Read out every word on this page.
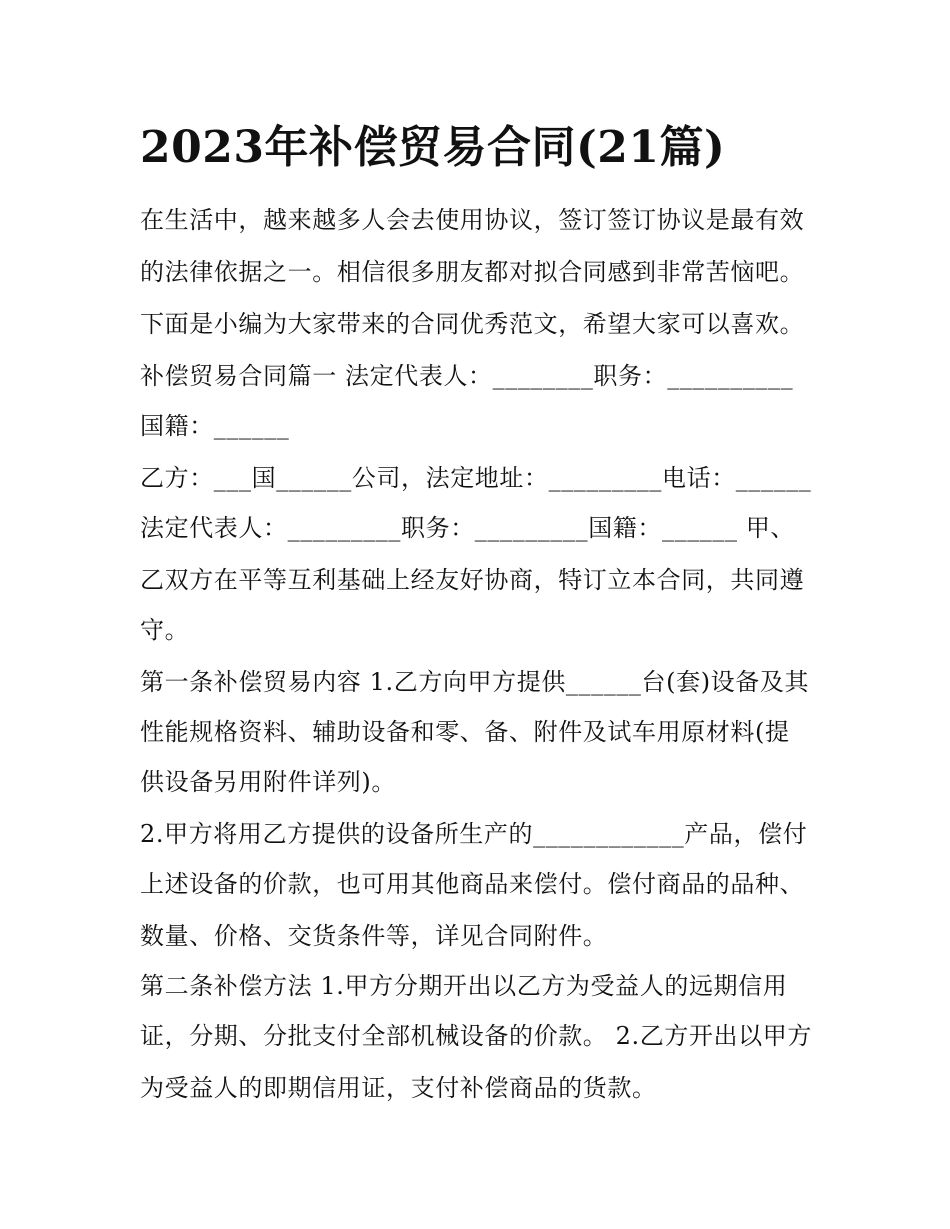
2023年补偿贸易合同(21篇)
在生活中，越来越多人会去使用协议，签订签订协议是最有效
的法律依据之一。相信很多朋友都对拟合同感到非常苦恼吧。
下面是小编为大家带来的合同优秀范文，希望大家可以喜欢。
补偿贸易合同篇一 法定代表人：________职务：__________
国籍：______
乙方：___国______公司，法定地址：_________电话：______
法定代表人：_________职务：_________国籍：______ 甲、
乙双方在平等互利基础上经友好协商，特订立本合同，共同遵
守。
第一条补偿贸易内容 1.乙方向甲方提供______台(套)设备及其
性能规格资料、辅助设备和零、备、附件及试车用原材料(提
供设备另用附件详列)。
2.甲方将用乙方提供的设备所生产的____________产品，偿付
上述设备的价款，也可用其他商品来偿付。偿付商品的品种、
数量、价格、交货条件等，详见合同附件。
第二条补偿方法 1.甲方分期开出以乙方为受益人的远期信用
证，分期、分批支付全部机械设备的价款。 2.乙方开出以甲方
为受益人的即期信用证，支付补偿商品的货款。
